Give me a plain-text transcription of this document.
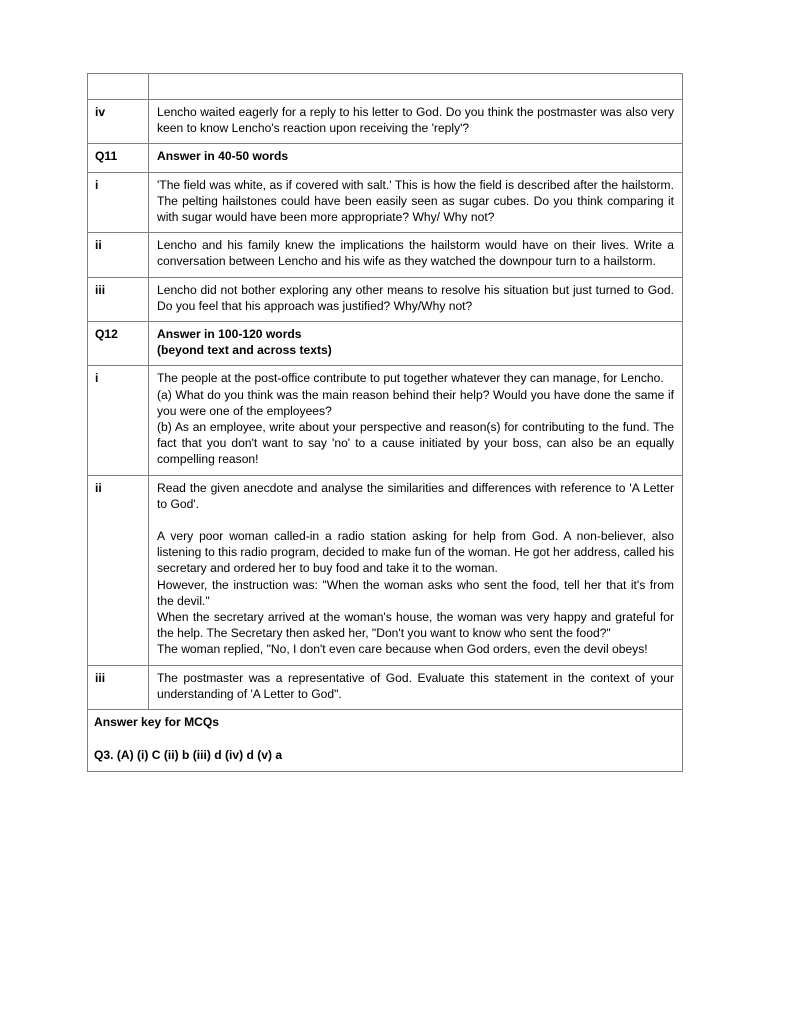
iv	Lencho waited eagerly for a reply to his letter to God. Do you think the postmaster was also very keen to know Lencho's reaction upon receiving the 'reply'?

Q11	Answer in 40-50 words

i	'The field was white, as if covered with salt.' This is how the field is described after the hailstorm. The pelting hailstones could have been easily seen as sugar cubes. Do you think comparing it with sugar would have been more appropriate? Why/ Why not?

ii	Lencho and his family knew the implications the hailstorm would have on their lives. Write a conversation between Lencho and his wife as they watched the downpour turn to a hailstorm.

iii	Lencho did not bother exploring any other means to resolve his situation but just turned to God. Do you feel that his approach was justified? Why/Why not?

Q12	Answer in 100-120 words

(beyond text and across texts)

i	The people at the post-office contribute to put together whatever they can manage, for Lencho.

(a) What do you think was the main reason behind their help? Would you have done the same if you were one of the employees?

(b) As an employee, write about your perspective and reason(s) for contributing to the fund. The fact that you don't want to say 'no' to a cause initiated by your boss, can also be an equally compelling reason!

ii	Read the given anecdote and analyse the similarities and differences with reference to 'A Letter to God'.

A very poor woman called-in a radio station asking for help from God. A non-believer, also listening to this radio program, decided to make fun of the woman. He got her address, called his secretary and ordered her to buy food and take it to the woman.

However, the instruction was: "When the woman asks who sent the food, tell her that it's from the devil."

When the secretary arrived at the woman's house, the woman was very happy and grateful for the help. The Secretary then asked her, "Don't you want to know who sent the food?"

The woman replied, "No, I don't even care because when God orders, even the devil obeys!

iii	The postmaster was a representative of God. Evaluate this statement in the context of your understanding of 'A Letter to God".

Answer key for MCQs

Q3. (A) (i) C (ii) b (iii) d (iv) d (v) a	
